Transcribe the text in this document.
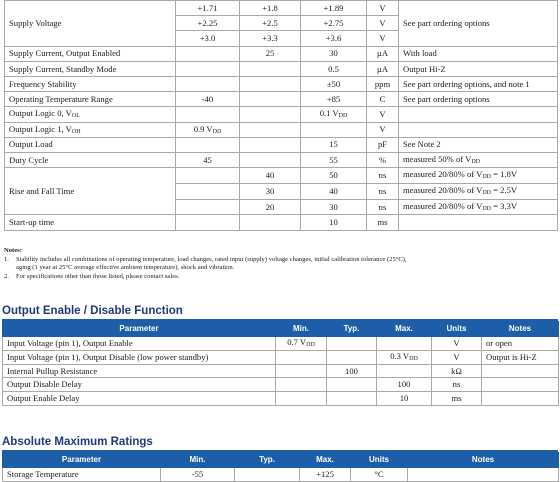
Supply Voltage	+1.71	+1.8	+1.89	V	See part ordering options
	+2.25	+2.5	+2.75	V	
	+3.0	+3.3	+3.6	V	
Supply Current, Output Enabled		25	30	µA	With load
Supply Current, Standby Mode			0.5	µA	Output Hi-Z
Frequency Stability			±50	ppm	See part ordering options, and note 1
Operating Temperature Range	-40		+85	C	See part ordering options
Output Logic 0, $V_{OL}$			0.1 $V_{DD}$	V	
Output Logic 1, $V_{OH}$	0.9 $V_{DD}$			V	
Output Load			15	pF	See Note 2
Duty Cycle	45		55	%	measured 50% of $V_{DD}$
Rise and Fall Time		40	50	ns	measured 20/80% of $V_{DD} = 1.8V$
		30	40	ns	measured 20/80% of $V_{DD} = 2.5V$
		20	30	ns	measured 20/80% of $V_{DD} = 3.3V$
Start-up time			10	ms	
Notes:
1.	Stability includes all combinations of operating temperature, load changes, rated input (supply) voltage changes, initial calibration tolerance (25°C),
aging (1 year at 25°C average effective ambient temperature), shock and vibration.
2.	For specifications other than those listed, please contact sales.
Output Enable / Disable Function
Parameter	Min.	Typ.	Max.	Units	Notes
Input Voltage (pin 1), Output Enable	0.7 $V_{DD}$			V	or open
Input Voltage (pin 1), Output Disable (low power standby)			0.3 $V_{DD}$	V	Output is Hi-Z
Internal Pullup Resistance		100		kΩ	
Output Disable Delay			100	ns	
Output Enable Delay			10	ms	
Absolute Maximum Ratings
Parameter	Min.	Typ.	Max.	Units	Notes
Storage Temperature	-55		+125	°C	
